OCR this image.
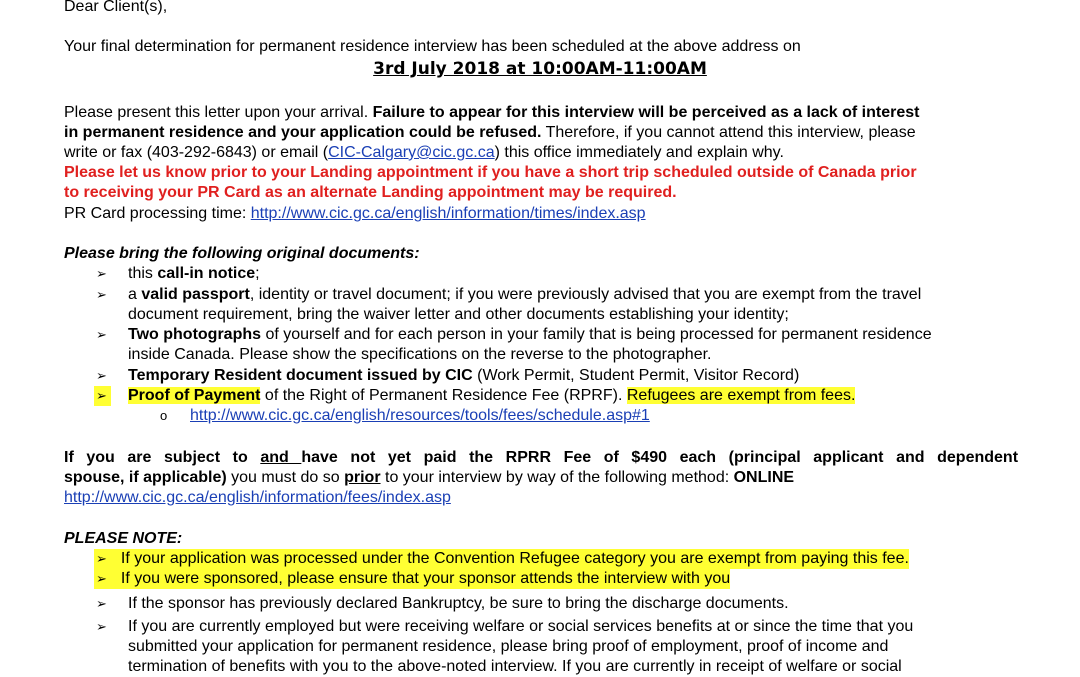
Dear Client(s),
Your final determination for permanent residence interview has been scheduled at the above address on
3rd July 2018 at 10:00AM-11:00AM
Please present this letter upon your arrival. Failure to appear for this interview will be perceived as a lack of interest
in permanent residence and your application could be refused. Therefore, if you cannot attend this interview, please
write or fax (403-292-6843) or email (CIC-Calgary@cic.gc.ca) this office immediately and explain why.
Please let us know prior to your Landing appointment if you have a short trip scheduled outside of Canada prior
to receiving your PR Card as an alternate Landing appointment may be required.
PR Card processing time: http://www.cic.gc.ca/english/information/times/index.asp
Please bring the following original documents:
➢ this call-in notice;
➢ a valid passport, identity or travel document; if you were previously advised that you are exempt from the travel
document requirement, bring the waiver letter and other documents establishing your identity;
➢ Two photographs of yourself and for each person in your family that is being processed for permanent residence
inside Canada. Please show the specifications on the reverse to the photographer.
➢ Temporary Resident document issued by CIC (Work Permit, Student Permit, Visitor Record)
➢ Proof of Payment of the Right of Permanent Residence Fee (RPRF). Refugees are exempt from fees.
o http://www.cic.gc.ca/english/resources/tools/fees/schedule.asp#1
If you are subject to and have not yet paid the RPRR Fee of $490 each (principal applicant and dependent
spouse, if applicable) you must do so prior to your interview by way of the following method: ONLINE
http://www.cic.gc.ca/english/information/fees/index.asp
PLEASE NOTE:
➢ If your application was processed under the Convention Refugee category you are exempt from paying this fee.
➢ If you were sponsored, please ensure that your sponsor attends the interview with you
➢ If the sponsor has previously declared Bankruptcy, be sure to bring the discharge documents.
➢ If you are currently employed but were receiving welfare or social services benefits at or since the time that you
submitted your application for permanent residence, please bring proof of employment, proof of income and
termination of benefits with you to the above-noted interview. If you are currently in receipt of welfare or social
